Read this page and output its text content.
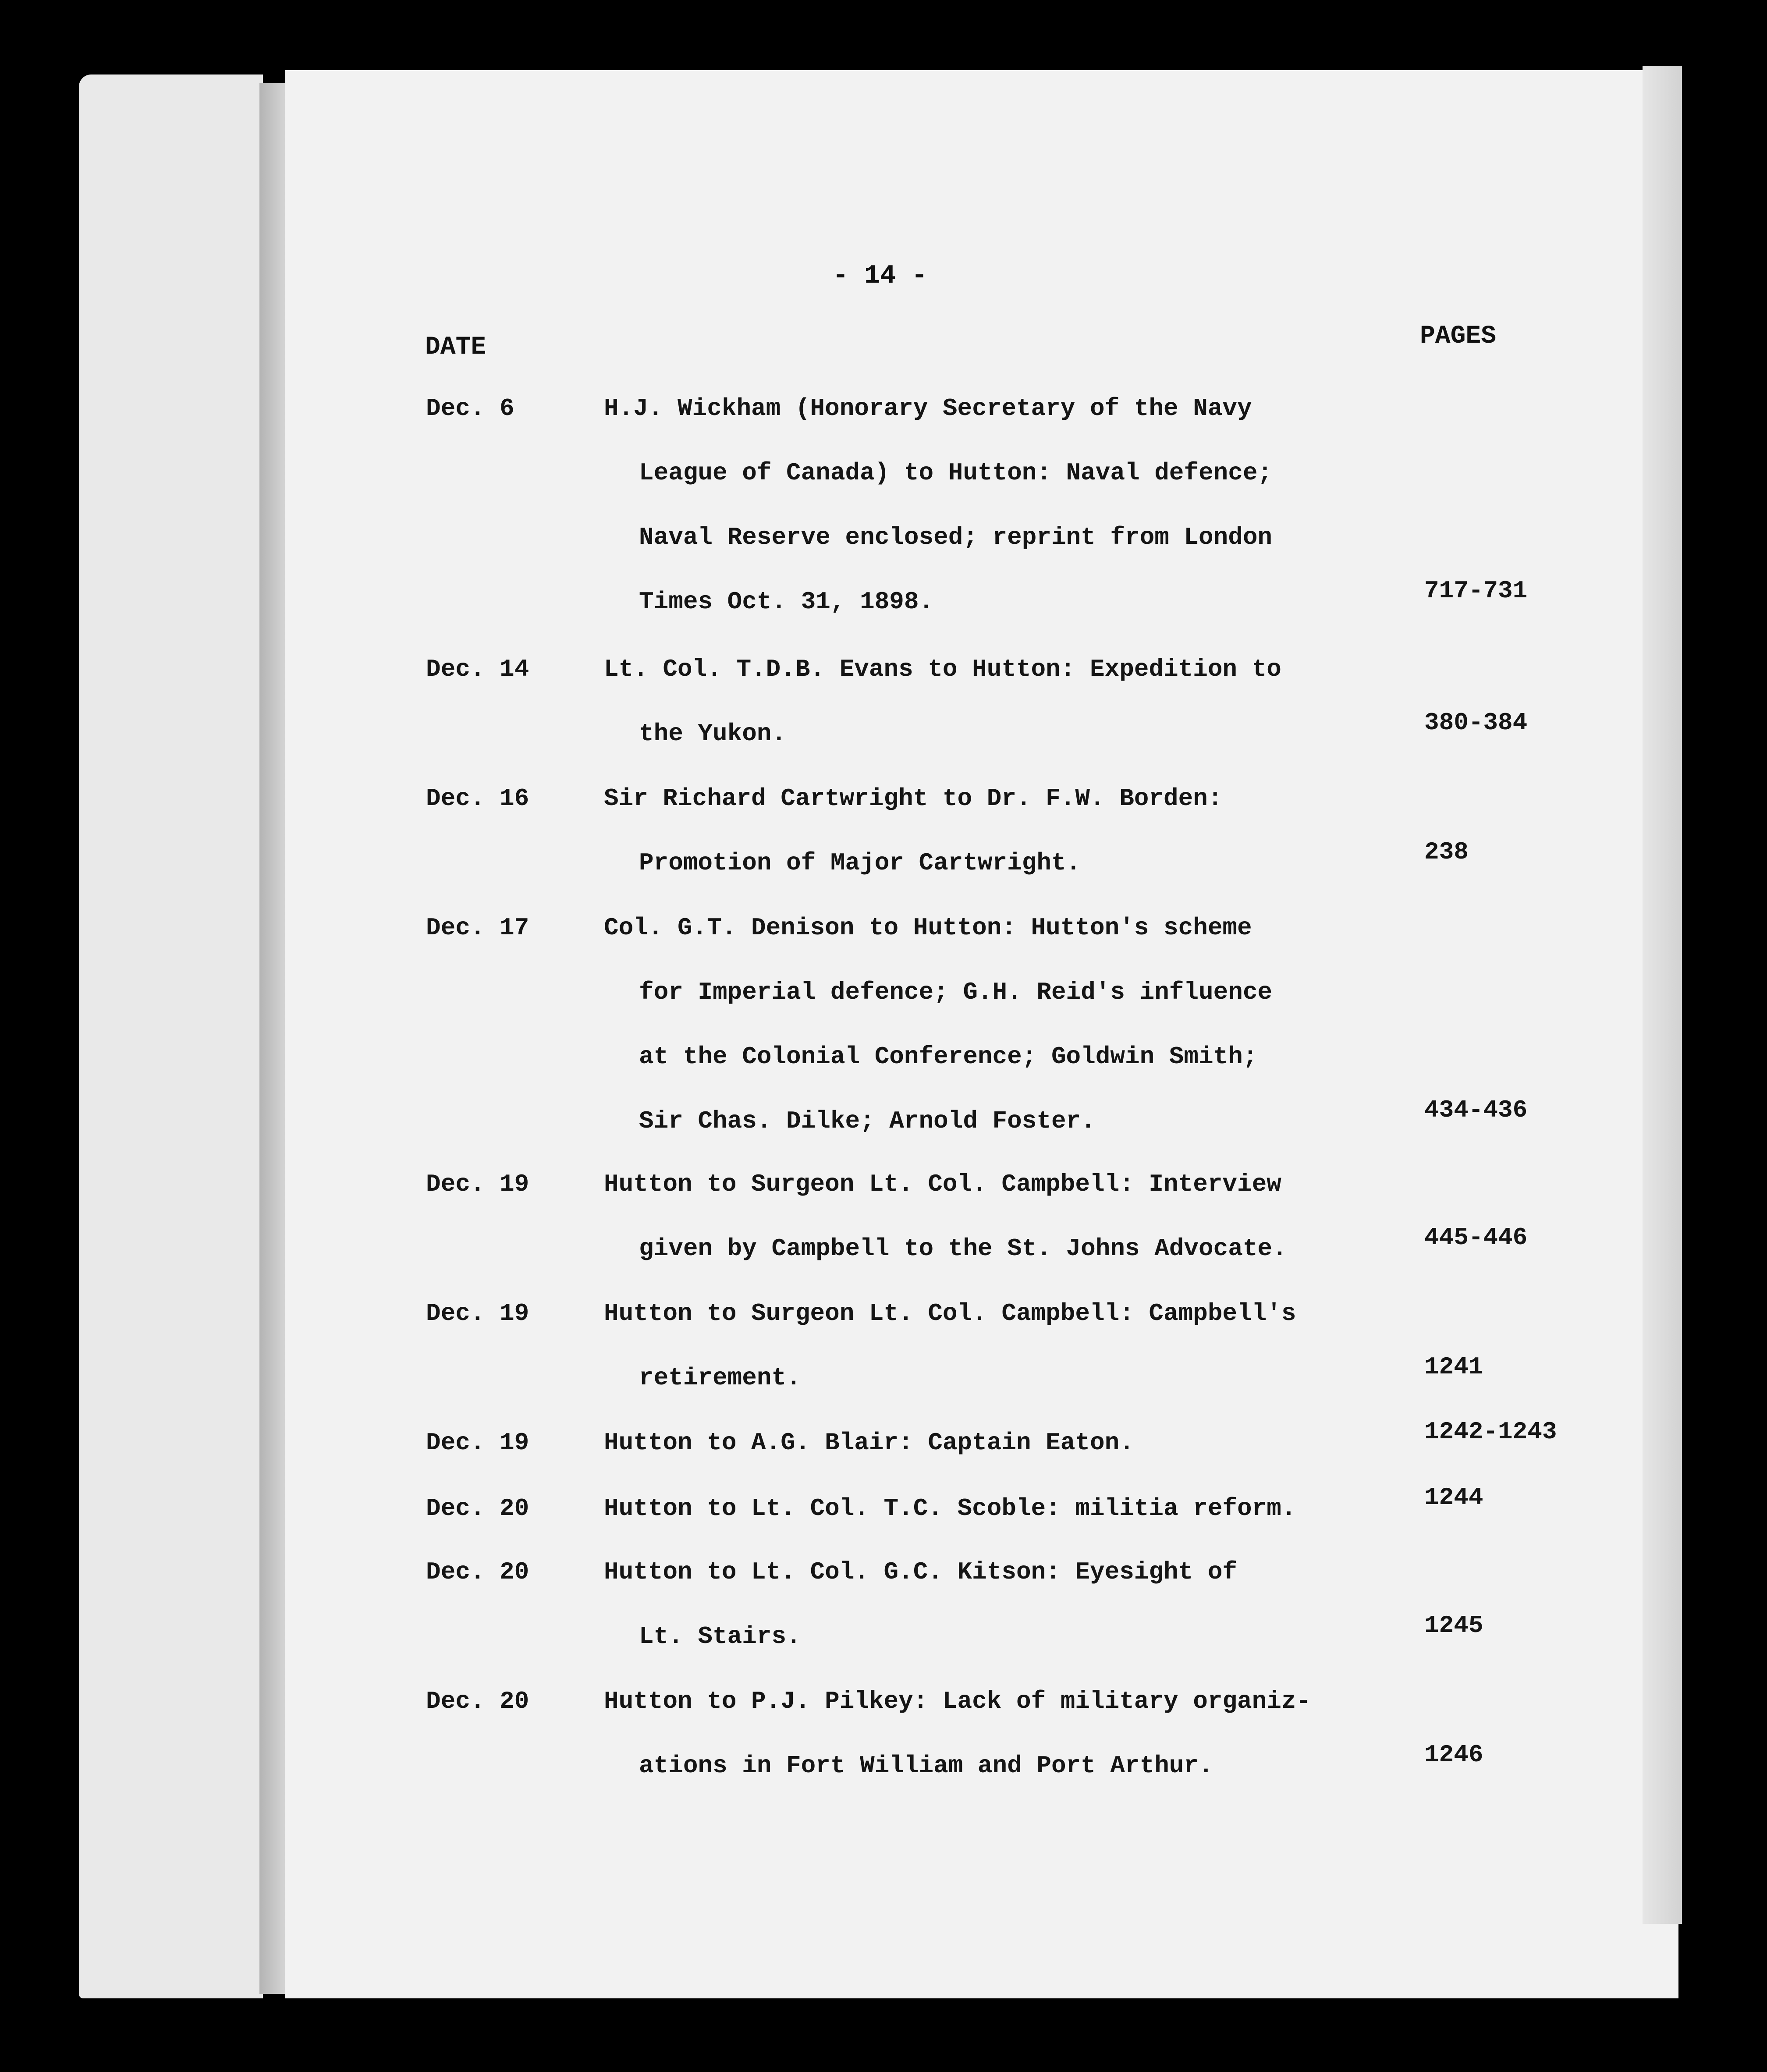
- 14 -
DATE	PAGES
Dec. 6	H.J. Wickham (Honorary Secretary of the Navy
League of Canada) to Hutton: Naval defence;
Naval Reserve enclosed; reprint from London
Times Oct. 31, 1898.	717-731
Dec. 14	Lt. Col. T.D.B. Evans to Hutton: Expedition to
the Yukon.	380-384
Dec. 16	Sir Richard Cartwright to Dr. F.W. Borden:
Promotion of Major Cartwright.	238
Dec. 17	Col. G.T. Denison to Hutton: Hutton's scheme
for Imperial defence; G.H. Reid's influence
at the Colonial Conference; Goldwin Smith;
Sir Chas. Dilke; Arnold Foster.	434-436
Dec. 19	Hutton to Surgeon Lt. Col. Campbell: Interview
given by Campbell to the St. Johns Advocate.	445-446
Dec. 19	Hutton to Surgeon Lt. Col. Campbell: Campbell's
retirement.	1241
Dec. 19	Hutton to A.G. Blair: Captain Eaton.	1242-1243
Dec. 20	Hutton to Lt. Col. T.C. Scoble: militia reform.	1244
Dec. 20	Hutton to Lt. Col. G.C. Kitson: Eyesight of
Lt. Stairs.	1245
Dec. 20	Hutton to P.J. Pilkey: Lack of military organiz-
ations in Fort William and Port Arthur.	1246
